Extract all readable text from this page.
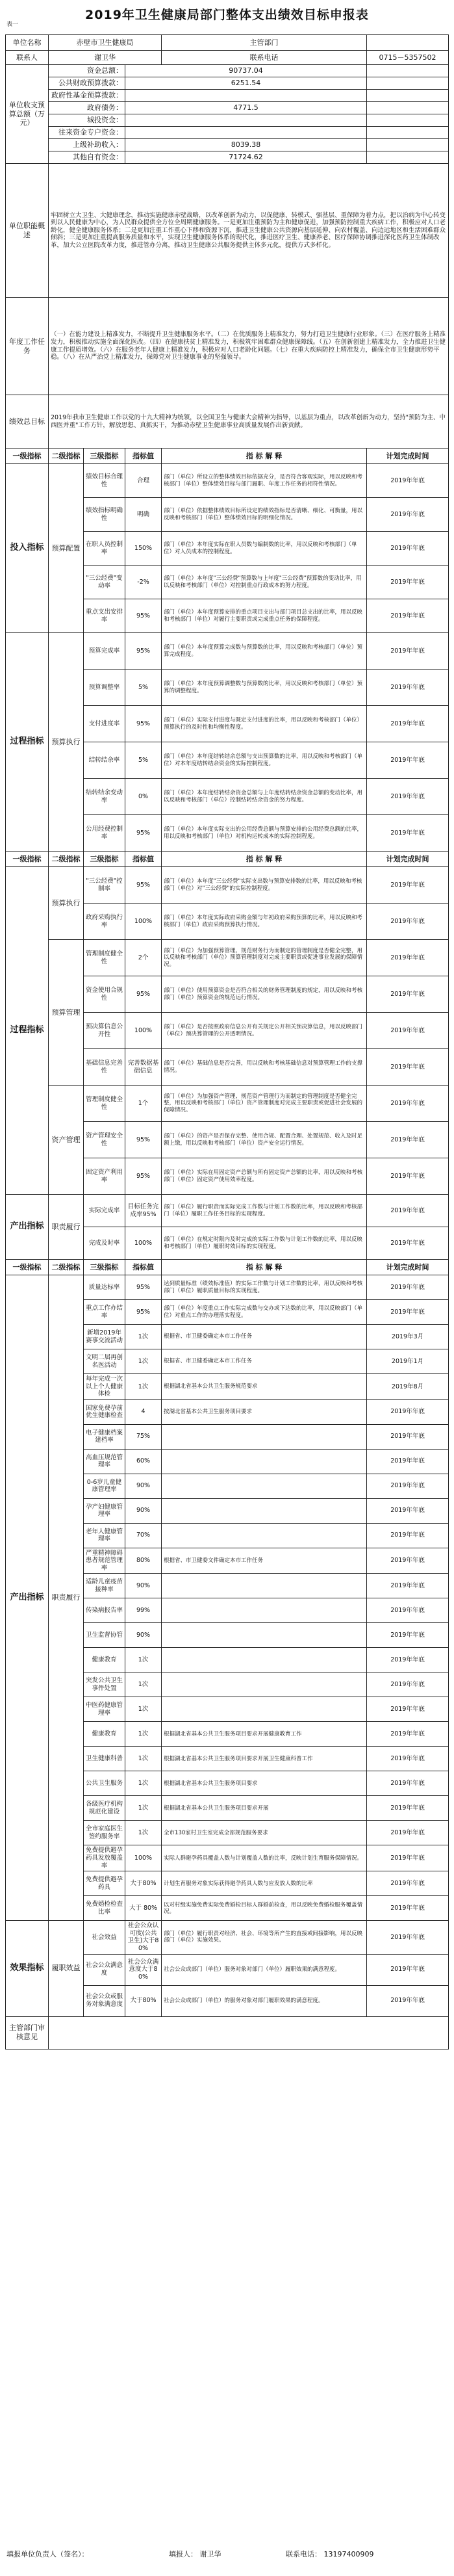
2019年卫生健康局部门整体支出绩效目标申报表
表一
单位名称	赤壁市卫生健康局			主管部门	
联系人	谢卫华			联系电话	0715－5357502
单位收支预算总额（万元）	资金总额：		90737.04		
	公共财政预算拨款：		6251.54		
	政府性基金预算拨款：				
	政府债务：		4771.5		
	城投资金：				
	往来资金专户资金：				
	上级补助收入：		8039.38		
	其他自有资金：		71724.62		
单位职能概述	牢固树立大卫生、大健康理念，推动实施健康赤壁战略，以改革创新为动力，以促健康、转模式、强基层、重保障为着力点，把以治病为中心转变到以人民健康为中心，为人民群众提供全方位全周期健康服务。一是更加注重预防为主和健康促进，加强预防控制重大疾病工作，积极应对人口老龄化，健全健康服务体系；二是更加注重工作重心下移和资源下沉，推进卫生健康公共资源向基层延伸、向农村覆盖、向边远地区和生活困难群众倾斜；三是更加注重提高服务质量和水平，实现卫生健康服务体系的现代化，推进医疗卫生、健康养老、医疗保障协调推进深化医药卫生体制改革，加大公立医院改革力度，推进管办分离，推动卫生健康公共服务提供主体多元化，提供方式多样化。				
年度工作任务	（一）在能力建设上精准发力，不断提升卫生健康服务水平。（二）在优质服务上精准发力，努力打造卫生健康行业形象。（三）在医疗服务上精准发力，积极推动实施全面深化医改。（四）在健康扶贫上精准发力，积极筑牢困难群众健康保障线。（五）在创新创建上精准发力，全力推进卫生健康工作提质增效。（六）在服务老年人健康上精准发力，积极应对人口老龄化问题。（七）在重大疾病防控上精准发力，确保全市卫生健康形势平稳。（八）在从严治党上精准发力，保障党对卫生健康事业的坚强领导。				
绩效总目标	2019年我市卫生健康工作以党的十九大精神为统领，以全国卫生与健康大会精神为指导，以基层为重点，以改革创新为动力，坚持"预防为主、中西医并重"工作方针，解放思想、真抓实干，为推动赤壁卫生健康事业高质量发展作出新贡献。				
一级指标	二级指标	三级指标	指标值	指 标 解 释	计划完成时间
投入指标	预算配置	绩效目标合理性	合理	部门（单位）所设立的整体绩效目标依据充分，是否符合客观实际，用以反映和考核部门（单位）整体绩效目标与部门履职、年度工作任务的相符性情况。	2019年年底
		绩效指标明确性	明确	部门（单位）依据整体绩效目标所设定的绩效指标是否清晰、细化、可衡量，用以反映和考核部门（单位）整体绩效目标的明细化情况。	2019年年底
		在职人员控制率	150%	部门（单位）本年度实际在职人员数与编制数的比率，用以反映和考核部门（单位）对人员成本的控制程度。	2019年年底
		"三公经费"变动率	-2%	部门（单位）本年度"三公经费"预算数与上年度"三公经费"预算数的变动比率，用以反映和考核部门（单位）对控制重点行政成本的努力程度。	2019年年底
		重点支出安排率	95%	部门（单位）本年度预算安排的重点项目支出与部门项目总支出的比率，用以反映和考核部门（单位）对履行主要职责或完成重点任务的保障程度。	2019年年底
过程指标	预算执行	预算完成率	95%	部门（单位）本年度预算完成数与预算数的比率，用以反映和考核部门（单位）预算完成程度。	2019年年底
		预算调整率	5%	部门（单位）本年度预算调整数与预算数的比率，用以反映和考核部门（单位）预算的调整程度。	2019年年底
		支付进度率	95%	部门（单位）实际支付进度与既定支付进度的比率，用以反映和考核部门（单位）预算执行的及时性和均衡性程度。	2019年年底
		结转结余率	5%	部门（单位）本年度结转结余总额与支出预算数的比率，用以反映和考核部门（单位）对本年度结转结余资金的实际控制程度。	2019年年底
		结转结余变动率	0%	部门（单位）本年度结转结余资金总额与上年度结转结余资金总额的变动比率，用以反映和考核部门（单位）控制结转结余资金的努力程度。	2019年年底
		公用经费控制率	95%	部门（单位）本年度实际支出的公用经费总额与预算安排的公用经费总额的比率，用以反映和考核部门（单位）对机构运转成本的实际控制程度。	2019年年底
一级指标	二级指标	三级指标	指标值	指 标 解 释	计划完成时间
过程指标	预算执行	"三公经费"控制率	95%	部门（单位）本年度"三公经费"实际支出数与预算安排数的比率，用以反映和考核部门（单位）对"三公经费"的实际控制程度。	2019年年底
		政府采购执行率	100%	部门（单位）本年度实际政府采购金额与年初政府采购预算的比率，用以反映和考核部门（单位）政府采购预算执行情况。	2019年年底
	预算管理	管理制度健全性	2个	部门（单位）为加强预算管理、规范财务行为而制定的管理制度是否健全完整，用以反映和考核部门（单位）预算管理制度对完成主要职责或促进事业发展的保障情况。	2019年年底
		资金使用合规性	95%	部门（单位）使用预算资金是否符合相关的财务管理制度的规定，用以反映和考核部门（单位）预算资金的规范运行情况。	2019年年底
		预决算信息公开性	100%	部门（单位）是否按照政府信息公开有关规定公开相关预决算信息，用以反映部门（单位）预决算管理的公开透明情况。	2019年年底
		基础信息完善性	完善数据基础信息	部门（单位）基础信息是否完善，用以反映和考核基础信息对预算管理工作的支撑情况。	2019年年底
	资产管理	管理制度健全性	1个	部门（单位）为加强资产管理、规范资产管理行为而制定的管理制度是否健全完整，用以反映和考核部门（单位）资产管理制度对完成主要职责或促进社会发展的保障情况。	2019年年底
		资产管理安全性	95%	部门（单位）的资产是否保存完整、使用合规、配置合理、处置规范、收入及时足额上缴，用以反映和考核部门（单位）资产安全运行情况。	2019年年底
		固定资产利用率	95%	部门（单位）实际在用固定资产总额与所有固定资产总额的比率，用以反映和考核部门（单位）固定资产使用效率程度。	2019年年底
产出指标	职责履行	实际完成率	目标任务完成率95%	部门（单位）履行职责而实际完成工作数与计划工作数的比率，用以反映和考核部门（单位）履职工作任务目标的实现程度。	2019年年底
		完成及时率	100%	部门（单位）在规定时限内及时完成的实际工作数与计划工作数的比率，用以反映和考核部门（单位）履职时效目标的实现程度。	2019年年底
一级指标	二级指标	三级指标	指标值	指 标 解 释	计划完成时间
产出指标	职责履行	质量达标率	95%	达到质量标准（绩效标准值）的实际工作数与计划工作数的比率，用以反映和考核部门（单位）履职质量目标的实现程度。	2019年年底
		重点工作办结率	95%	部门（单位）年度重点工作实际完成数与交办或下达数的比率，用以反映部门（单位）对重点工作的办理落实程度。	2019年年底
		新增2019年赛事交流活动	1次	根据省、市卫健委确定本市工作任务	2019年3月
		文明二届再创名医活动	1次	根据省、市卫健委确定本市工作任务	2019年1月
		每年完成一次以上个人健康体检	1次	根据湖北省基本公共卫生服务规范要求	2019年8月
		国家免费孕前优生健康检查	4	按湖北省基本公共卫生服务项目要求	2019年年底
		电子健康档案建档率	75%		2019年年底
		高血压规范管理率	60%		2019年年底
		0-6岁儿童健康管理率	90%		2019年年底
		孕产妇健康管理率	90%		2019年年底
		老年人健康管理率	70%		2019年年底
		严重精神障碍患者规范管理率	80%	根据省、市卫健委文件确定本市工作任务	2019年年底
		适龄儿童疫苗接种率	90%		2019年年底
		传染病报告率	99%		2019年年底
		卫生监督协管	90%		2019年年底
		健康教育	1次		2019年年底
		突发公共卫生事件处置	1次		2019年年底
		中医药健康管理率	1次		2019年年底
		健康教育	1次	根据湖北省基本公共卫生服务项目要求开展健康教育工作	2019年年底
		卫生健康科普	1次	根据湖北省基本公共卫生服务项目要求开展卫生健康科普工作	2019年年底
		公共卫生服务	1次	根据湖北省基本公共卫生服务项目要求	2019年年底
		各级医疗机构规范化建设	1次	根据湖北省基本公共卫生服务项目要求开展	2019年年底
		全市家庭医生签约服务率	1次	全市130家村卫生室完成全部规范服务要求	2019年年底
		免费提供避孕药具发放覆盖率	100%	实际人群避孕药具覆盖人数与计划覆盖人数的比率，反映计划生育服务保障情况。	2019年年底
		免费提供避孕药具	大于80%	计划生育服务对象实际获得避孕药具人数与应发放人数的比率	2019年年底
		免费婚检检查比率	大于 80%	以对村级实施免费实际免费婚检目标人群婚前检查，用以反映免费婚检服务覆盖情况。	2019年年底
效果指标	履职效益	社会效益	社会公众认可度(公共卫生)大于80%	部门（单位）履行职责对经济、社会、环境等所产生的直接或间接影响，用以反映部门（单位）实施效果。	2019年年底
		社会公众满意度	社会公众满意度大于80%	社会公众或部门（单位）服务对象对部门（单位）履职效果的满意程度。	2019年年底
		社会公众或服务对象满意度	大于80%	社会公众或部门（单位）的服务对象对部门履职效果的满意程度。	2019年年底
主管部门审核意见					
填报单位负责人（签名）：	填报人： 谢卫华	联系电话： 13197400909
